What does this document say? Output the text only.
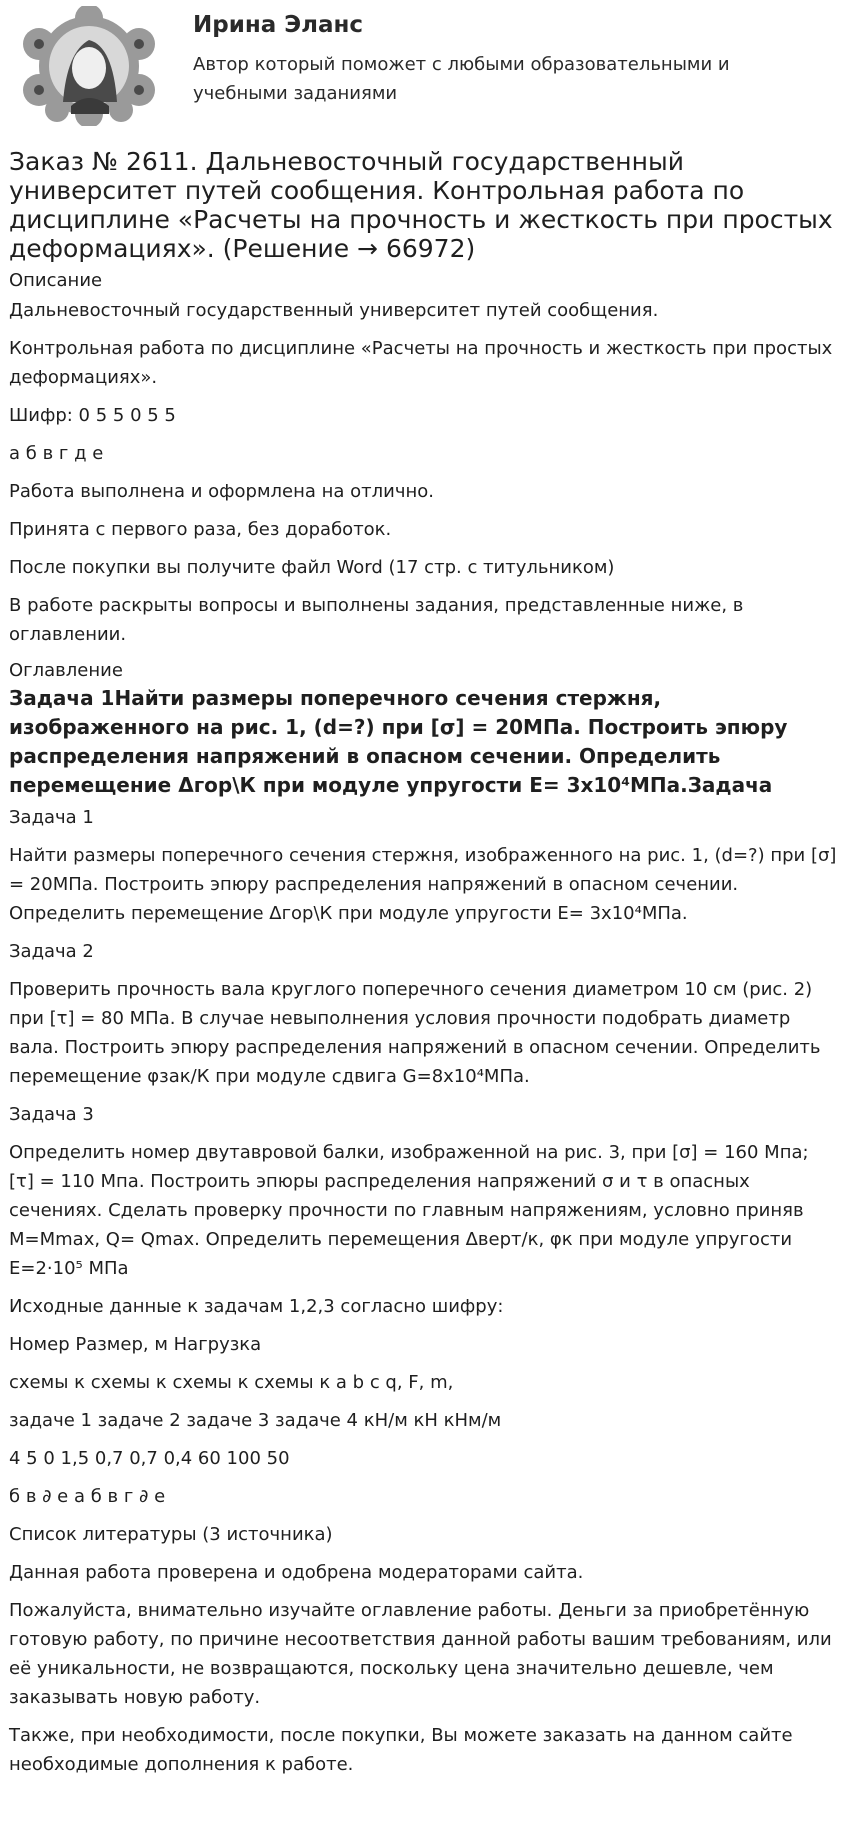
Ирина Эланс

Автор который поможет с любыми образовательными и учебными заданиями

Заказ № 2611. Дальневосточный государственный университет путей сообщения. Контрольная работа по дисциплине «Расчеты на прочность и жесткость при простых деформациях». (Решение → 66972)
Описание

Дальневосточный государственный университет путей сообщения.

Контрольная работа по дисциплине «Расчеты на прочность и жесткость при простых деформациях».

Шифр: 0 5 5 0 5 5

а б в г д е

Работа выполнена и оформлена на отлично.

Принята с первого раза, без доработок.

После покупки вы получите файл Word (17 стр. с титульником)

В работе раскрыты вопросы и выполнены задания, представленные ниже, в оглавлении.

Оглавление
Задача 1Найти размеры поперечного сечения стержня, изображенного на рис. 1, (d=?) при [σ] = 20МПа. Построить эпюру распределения напряжений в опасном сечении. Определить перемещение Δгор\К при модуле упругости Е= 3х10⁴МПа.Задача

Задача 1

Найти размеры поперечного сечения стержня, изображенного на рис. 1, (d=?) при [σ] = 20МПа. Построить эпюру распределения напряжений в опасном сечении. Определить перемещение Δгор\К при модуле упругости Е= 3х10⁴МПа.

Задача 2

Проверить прочность вала круглого поперечного сечения диаметром 10 см (рис. 2) при [τ] = 80 МПа. В случае невыполнения условия прочности подобрать диаметр вала. Построить эпюру распределения напряжений в опасном сечении. Определить перемещение φзак/К при модуле сдвига G=8х10⁴МПа.

Задача 3

Определить номер двутавровой балки, изображенной на рис. 3, при [σ] = 160 Мпа; [τ] = 110 Мпа. Построить эпюры распределения напряжений σ и τ в опасных сечениях. Сделать проверку прочности по главным напряжениям, условно приняв М=Мmax, Q= Qmax. Определить перемещения Δверт/к, φк при модуле упругости Е=2·10⁵ МПа

Исходные данные к задачам 1,2,3 согласно шифру:

Номер Размер, м Нагрузка

схемы к схемы к схемы к схемы к a b c q, F, m,

задаче 1 задаче 2 задаче 3 задаче 4 кН/м кН кНм/м

4 5 0 1,5 0,7 0,7 0,4 60 100 50

б в ∂ е а б в г ∂ е

Список литературы (3 источника)

Данная работа проверена и одобрена модераторами сайта.

Пожалуйста, внимательно изучайте оглавление работы. Деньги за приобретённую готовую работу, по причине несоответствия данной работы вашим требованиям, или её уникальности, не возвращаются, поскольку цена значительно дешевле, чем заказывать новую работу.

Также, при необходимости, после покупки, Вы можете заказать на данном сайте необходимые дополнения к работе.
